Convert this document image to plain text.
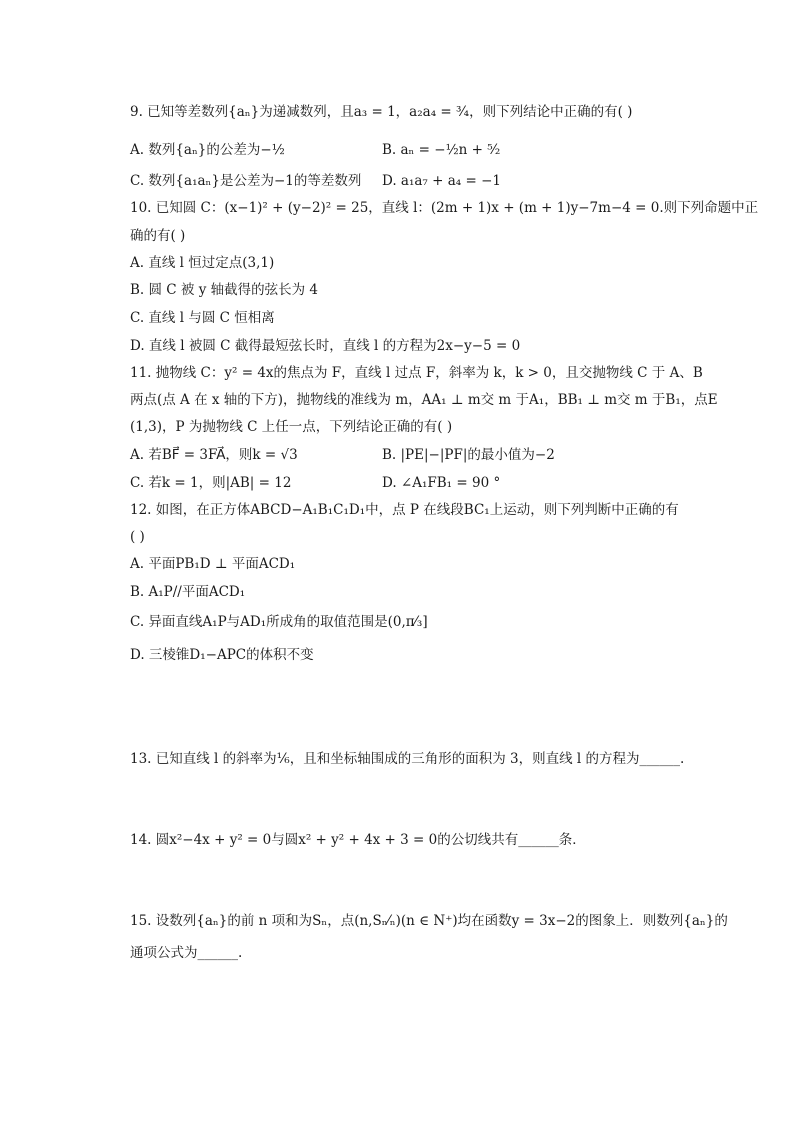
9. 已知等差数列{aₙ}为递减数列，且a₃ = 1，a₂a₄ = ³⁄₄，则下列结论中正确的有( )
A. 数列{aₙ}的公差为−½	B. aₙ = −½n + ⁵⁄₂
C. 数列{a₁aₙ}是公差为−1的等差数列 D. a₁a₇ + a₄ = −1
10. 已知圆 C：(x−1)² + (y−2)² = 25，直线 l：(2m + 1)x + (m + 1)y−7m−4 = 0.则下列命题中正
确的有( )
A. 直线 l 恒过定点(3,1)
B. 圆 C 被 y 轴截得的弦长为 4
C. 直线 l 与圆 C 恒相离
D. 直线 l 被圆 C 截得最短弦长时，直线 l 的方程为2x−y−5 = 0
11. 抛物线 C：y² = 4x的焦点为 F，直线 l 过点 F，斜率为 k，k > 0，且交抛物线 C 于 A、B
两点(点 A 在 x 轴的下方)，抛物线的准线为 m，AA₁ ⊥ m交 m 于A₁，BB₁ ⊥ m交 m 于B₁，点E
(1,3)，P 为抛物线 C 上任一点，下列结论正确的有( )
A. 若BF⃗ = 3FA⃗，则k = √3	B. |PE|−|PF|的最小值为−2
C. 若k = 1，则|AB| = 12	D. ∠A₁FB₁ = 90 °
12. 如图，在正方体ABCD−A₁B₁C₁D₁中，点 P 在线段BC₁上运动，则下列判断中正确的有
( )
A. 平面PB₁D ⊥ 平面ACD₁
B. A₁P//平面ACD₁
C. 异面直线A₁P与AD₁所成角的取值范围是(0,π⁄₃]
D. 三棱锥D₁−APC的体积不变
13. 已知直线 l 的斜率为⅙，且和坐标轴围成的三角形的面积为 3，则直线 l 的方程为______.
14. 圆x²−4x + y² = 0与圆x² + y² + 4x + 3 = 0的公切线共有______条．
15. 设数列{aₙ}的前 n 项和为Sₙ，点(n,Sₙ⁄ₙ)(n ∈ N⁺)均在函数y = 3x−2的图象上．则数列{aₙ}的
通项公式为______.
